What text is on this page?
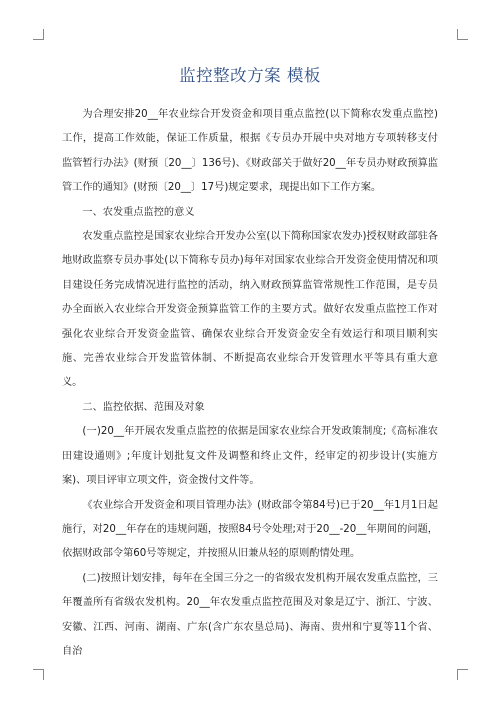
监控整改方案 模板

为合理安排20__年农业综合开发资金和项目重点监控(以下简称农发重点监控)工作，提高工作效能，保证工作质量，根据《专员办开展中央对地方专项转移支付监管暂行办法》(财预〔20__〕136号)、《财政部关于做好20__年专员办财政预算监管工作的通知》(财预〔20__〕17号)规定要求，现提出如下工作方案。

一、农发重点监控的意义

农发重点监控是国家农业综合开发办公室(以下简称国家农发办)授权财政部驻各地财政监察专员办事处(以下简称专员办)每年对国家农业综合开发资金使用情况和项目建设任务完成情况进行监控的活动，纳入财政预算监管常规性工作范围，是专员办全面嵌入农业综合开发资金预算监管工作的主要方式。做好农发重点监控工作对强化农业综合开发资金监管、确保农业综合开发资金安全有效运行和项目顺利实施、完善农业综合开发监管体制、不断提高农业综合开发管理水平等具有重大意义。

二、监控依据、范围及对象

(一)20__年开展农发重点监控的依据是国家农业综合开发政策制度;《高标准农田建设通则》;年度计划批复文件及调整和终止文件，经审定的初步设计(实施方案)、项目评审立项文件，资金拨付文件等。

《农业综合开发资金和项目管理办法》(财政部令第84号)已于20__年1月1日起施行，对20__年存在的违规问题，按照84号令处理;对于20__-20__年期间的问题，依据财政部令第60号等规定，并按照从旧兼从轻的原则酌情处理。

(二)按照计划安排，每年在全国三分之一的省级农发机构开展农发重点监控，三年覆盖所有省级农发机构。20__年农发重点监控范围及对象是辽宁、浙江、宁波、安徽、江西、河南、湖南、广东(含广东农垦总局)、海南、贵州和宁夏等11个省、自治
